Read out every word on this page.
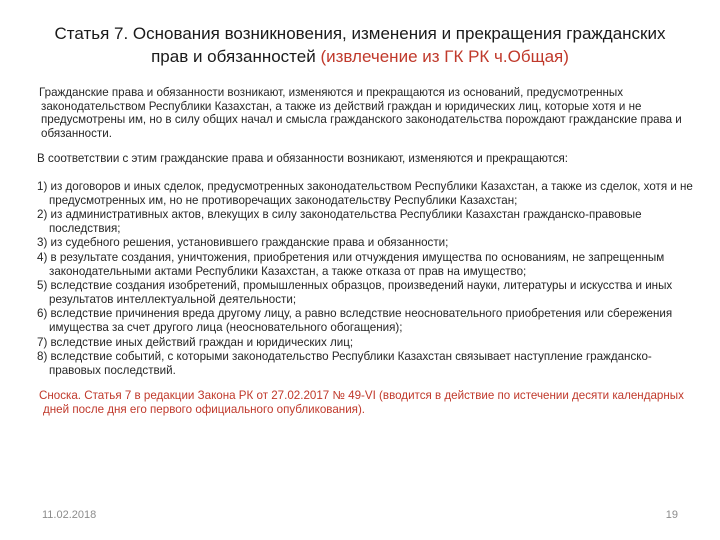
Статья 7. Основания возникновения, изменения и прекращения гражданских прав и обязанностей (извлечение из ГК РК ч.Общая)

Гражданские права и обязанности возникают, изменяются и прекращаются из оснований, предусмотренных законодательством Республики Казахстан, а также из действий граждан и юридических лиц, которые хотя и не предусмотрены им, но в силу общих начал и смысла гражданского законодательства порождают гражданские права и обязанности.

В соответствии с этим гражданские права и обязанности возникают, изменяются и прекращаются:

1) из договоров и иных сделок, предусмотренных законодательством Республики Казахстан, а также из сделок, хотя и не предусмотренных им, но не противоречащих законодательству Республики Казахстан;
2) из административных актов, влекущих в силу законодательства Республики Казахстан гражданско-правовые последствия;
3) из судебного решения, установившего гражданские права и обязанности;
4) в результате создания, уничтожения, приобретения или отчуждения имущества по основаниям, не запрещенным законодательными актами Республики Казахстан, а также отказа от прав на имущество;
5) вследствие создания изобретений, промышленных образцов, произведений науки, литературы и искусства и иных результатов интеллектуальной деятельности;
6) вследствие причинения вреда другому лицу, а равно вследствие неосновательного приобретения или сбережения имущества за счет другого лица (неосновательного обогащения);
7) вследствие иных действий граждан и юридических лиц;
8) вследствие событий, с которыми законодательство Республики Казахстан связывает наступление гражданско-правовых последствий.

Сноска. Статья 7 в редакции Закона РК от 27.02.2017 № 49-VI (вводится в действие по истечении десяти календарных дней после дня его первого официального опубликования).

11.02.2018	19
